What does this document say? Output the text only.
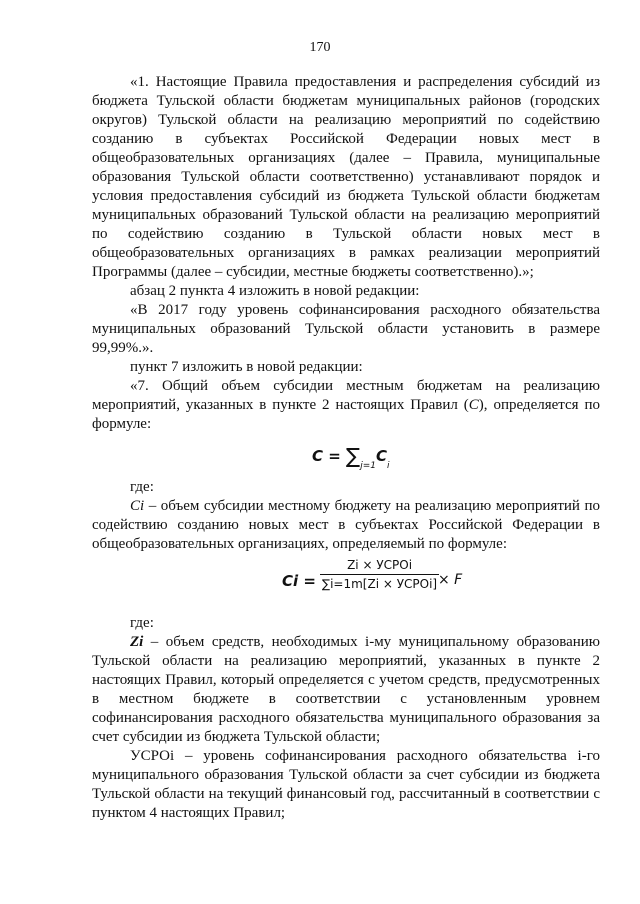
170

«1. Настоящие Правила предоставления и распределения субсидий из бюджета Тульской области бюджетам муниципальных районов (городских округов) Тульской области на реализацию мероприятий по содействию созданию в субъектах Российской Федерации новых мест в общеобразовательных организациях (далее – Правила, муниципальные образования Тульской области соответственно) устанавливают порядок и условия предоставления субсидий из бюджета Тульской области бюджетам муниципальных образований Тульской области на реализацию мероприятий по содействию созданию в Тульской области новых мест в общеобразовательных организациях в рамках реализации мероприятий Программы (далее – субсидии, местные бюджеты соответственно).»;

абзац 2 пункта 4 изложить в новой редакции:

«В 2017 году уровень софинансирования расходного обязательства муниципальных образований Тульской области установить в размере 99,99%.».

пункт 7 изложить в новой редакции:

«7. Общий объем субсидии местным бюджетам на реализацию мероприятий, указанных в пункте 2 настоящих Правил (С), определяется по формуле:

$C = \sum_{j=1}C_i$

где:

Сi – объем субсидии местному бюджету на реализацию мероприятий по содействию созданию новых мест в субъектах Российской Федерации в общеобразовательных организациях, определяемый по формуле:

Ci =
Zi × УСРОi
∑i=1m[Zi × УСРОi] × F

где:

Zi – объем средств, необходимых i-му муниципальному образованию Тульской области на реализацию мероприятий, указанных в пункте 2 настоящих Правил, который определяется с учетом средств, предусмотренных в местном бюджете в соответствии с установленным уровнем софинансирования расходного обязательства муниципального образования за счет субсидии из бюджета Тульской области;

УСРОi – уровень софинансирования расходного обязательства i-го муниципального образования Тульской области за счет субсидии из бюджета Тульской области на текущий финансовый год, рассчитанный в соответствии с пунктом 4 настоящих Правил;
